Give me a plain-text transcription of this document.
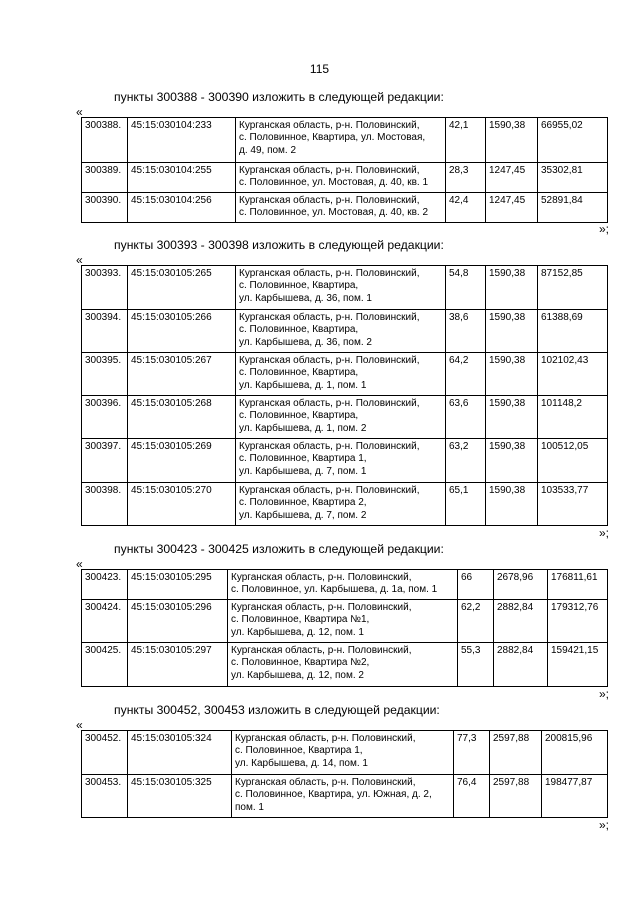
115
пункты 300388 - 300390 изложить в следующей редакции:
«
300388.	45:15:030104:233	Курганская область, р-н. Половинский,
с. Половинное, Квартира, ул. Мостовая,
д. 49, пом. 2	42,1	1590,38	66955,02
300389.	45:15:030104:255	Курганская область, р-н. Половинский,
с. Половинное, ул. Мостовая, д. 40, кв. 1	28,3	1247,45	35302,81
300390.	45:15:030104:256	Курганская область, р-н. Половинский,
с. Половинное, ул. Мостовая, д. 40, кв. 2	42,4	1247,45	52891,84
»;
пункты 300393 - 300398 изложить в следующей редакции:
«
300393.	45:15:030105:265	Курганская область, р-н. Половинский,
с. Половинное, Квартира,
ул. Карбышева, д. 36, пом. 1	54,8	1590,38	87152,85
300394.	45:15:030105:266	Курганская область, р-н. Половинский,
с. Половинное, Квартира,
ул. Карбышева, д. 36, пом. 2	38,6	1590,38	61388,69
300395.	45:15:030105:267	Курганская область, р-н. Половинский,
с. Половинное, Квартира,
ул. Карбышева, д. 1, пом. 1	64,2	1590,38	102102,43
300396.	45:15:030105:268	Курганская область, р-н. Половинский,
с. Половинное, Квартира,
ул. Карбышева, д. 1, пом. 2	63,6	1590,38	101148,2
300397.	45:15:030105:269	Курганская область, р-н. Половинский,
с. Половинное, Квартира 1,
ул. Карбышева, д. 7, пом. 1	63,2	1590,38	100512,05
300398.	45:15:030105:270	Курганская область, р-н. Половинский,
с. Половинное, Квартира 2,
ул. Карбышева, д. 7, пом. 2	65,1	1590,38	103533,77
»;
пункты 300423 - 300425 изложить в следующей редакции:
«
300423.	45:15:030105:295	Курганская область, р-н. Половинский,
с. Половинное, ул. Карбышева, д. 1а, пом. 1	66	2678,96	176811,61
300424.	45:15:030105:296	Курганская область, р-н. Половинский,
с. Половинное, Квартира №1,
ул. Карбышева, д. 12, пом. 1	62,2	2882,84	179312,76
300425.	45:15:030105:297	Курганская область, р-н. Половинский,
с. Половинное, Квартира №2,
ул. Карбышева, д. 12, пом. 2	55,3	2882,84	159421,15
»;
пункты 300452, 300453 изложить в следующей редакции:
«
300452.	45:15:030105:324	Курганская область, р-н. Половинский,
с. Половинное, Квартира 1,
ул. Карбышева, д. 14, пом. 1	77,3	2597,88	200815,96
300453.	45:15:030105:325	Курганская область, р-н. Половинский,
с. Половинное, Квартира, ул. Южная, д. 2,
пом. 1	76,4	2597,88	198477,87
»;
